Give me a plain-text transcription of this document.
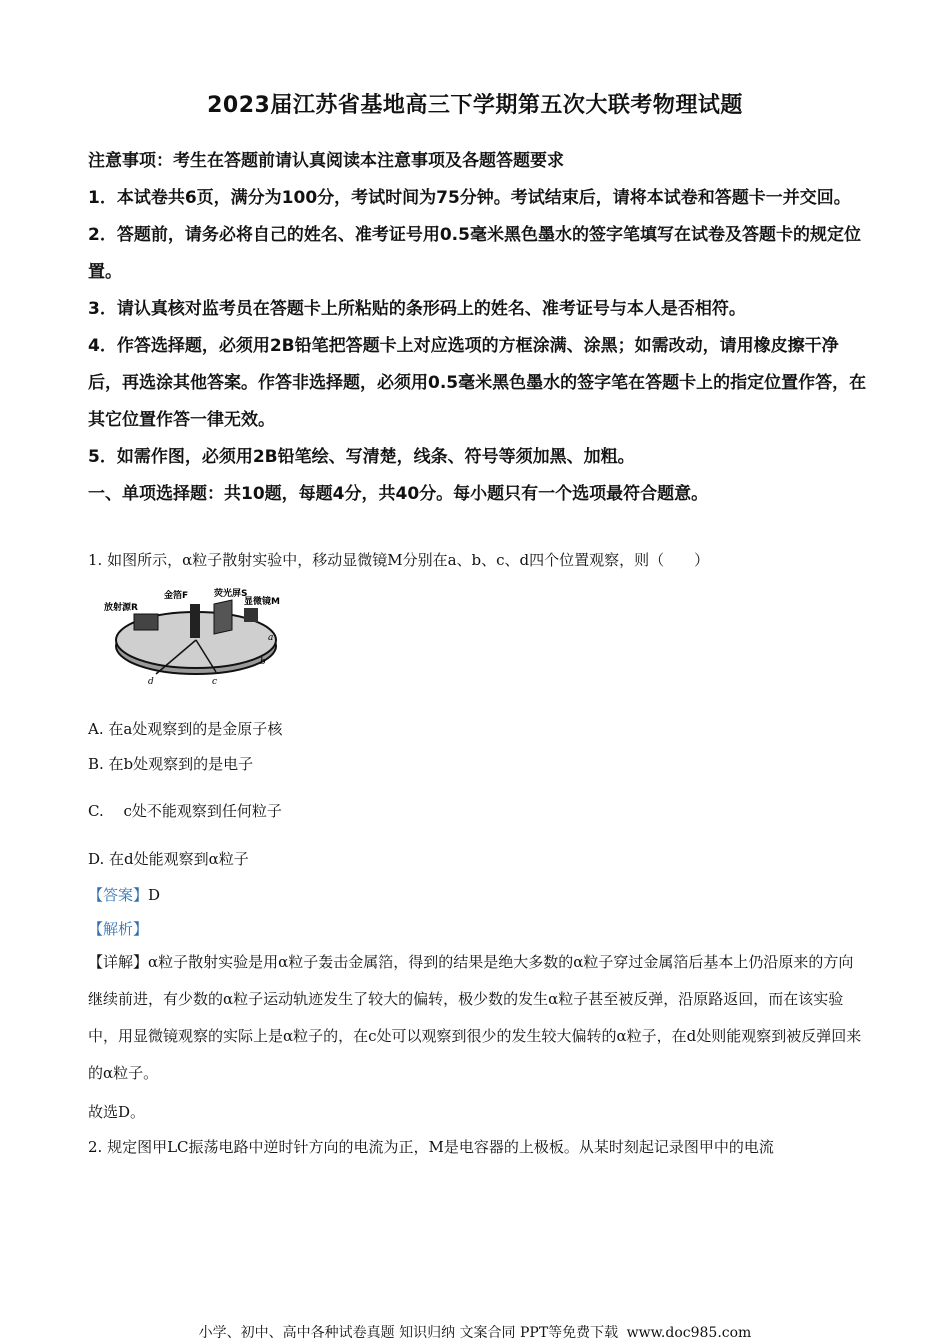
2023届江苏省基地高三下学期第五次大联考物理试题

注意事项：考生在答题前请认真阅读本注意事项及各题答题要求

1．本试卷共6页，满分为100分，考试时间为75分钟。考试结束后，请将本试卷和答题卡一并交回。

2．答题前，请务必将自己的姓名、准考证号用0.5毫米黑色墨水的签字笔填写在试卷及答题卡的规定位置。

3．请认真核对监考员在答题卡上所粘贴的条形码上的姓名、准考证号与本人是否相符。

4．作答选择题，必须用2B铅笔把答题卡上对应选项的方框涂满、涂黑；如需改动，请用橡皮擦干净后，再选涂其他答案。作答非选择题，必须用0.5毫米黑色墨水的签字笔在答题卡上的指定位置作答，在其它位置作答一律无效。

5．如需作图，必须用2B铅笔绘、写清楚，线条、符号等须加黑、加粗。

一、单项选择题：共10题，每题4分，共40分。每小题只有一个选项最符合题意。

1. 如图所示，α粒子散射实验中，移动显微镜M分别在a、b、c、d四个位置观察，则（　　）
放射源R
金箔F	荧光屏S
显微镜M
a
b
c
d
A. 在a处观察到的是金原子核
B. 在b处观察到的是电子
C.　 c处不能观察到任何粒子
D. 在d处能观察到α粒子
【答案】D
【解析】

【详解】α粒子散射实验是用α粒子轰击金属箔，得到的结果是绝大多数的α粒子穿过金属箔后基本上仍沿原来的方向继续前进，有少数的α粒子运动轨迹发生了较大的偏转，极少数的发生α粒子甚至被反弹，沿原路返回，而在该实验中，用显微镜观察的实际上是α粒子的，在c处可以观察到很少的发生较大偏转的α粒子，在d处则能观察到被反弹回来的α粒子。

故选D。
2. 规定图甲LC振荡电路中逆时针方向的电流为正，M是电容器的上极板。从某时刻起记录图甲中的电流
小学、初中、高中各种试卷真题 知识归纳 文案合同 PPT等免费下载 www.doc985.com
